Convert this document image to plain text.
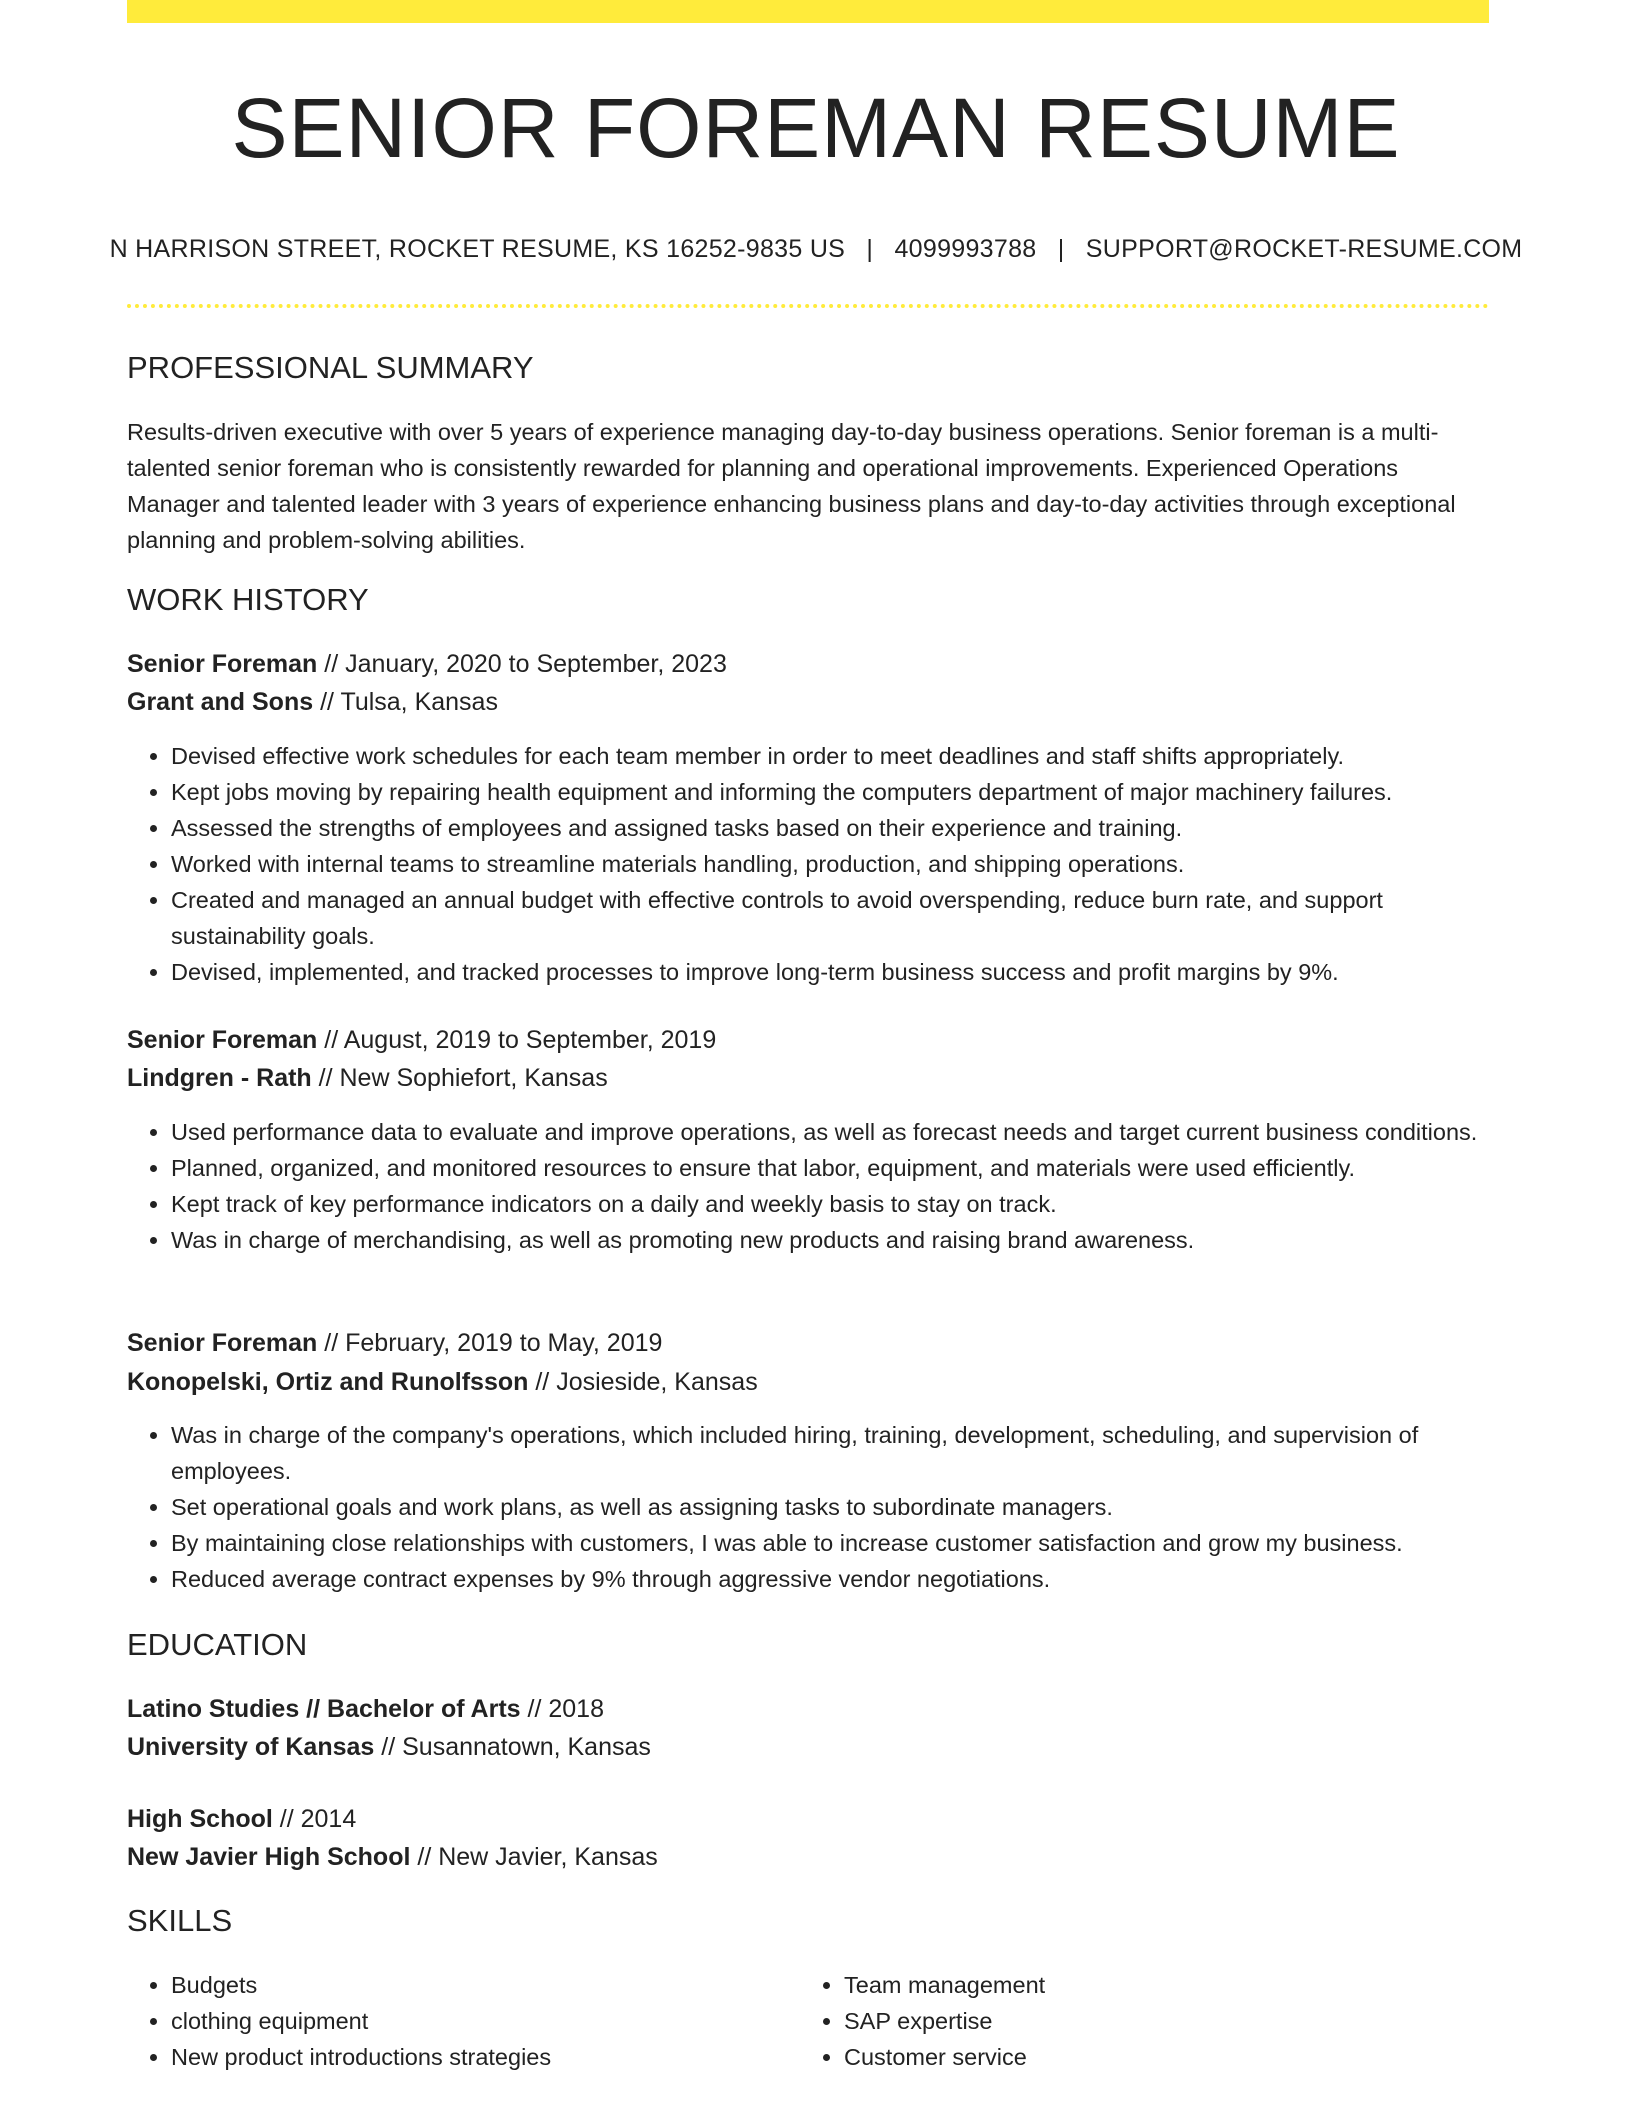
SENIOR FOREMAN RESUME
N HARRISON STREET, ROCKET RESUME, KS 16252-9835 US | 4099993788 | SUPPORT@ROCKET-RESUME.COM
PROFESSIONAL SUMMARY

Results-driven executive with over 5 years of experience managing day-to-day business operations. Senior foreman is a multi-talented senior foreman who is consistently rewarded for planning and operational improvements. Experienced Operations Manager and talented leader with 3 years of experience enhancing business plans and day-to-day activities through exceptional planning and problem-solving abilities.

WORK HISTORY
Senior Foreman // January, 2020 to September, 2023
Grant and Sons // Tulsa, Kansas
• Devised effective work schedules for each team member in order to meet deadlines and staff shifts appropriately.
• Kept jobs moving by repairing health equipment and informing the computers department of major machinery failures.
• Assessed the strengths of employees and assigned tasks based on their experience and training.
• Worked with internal teams to streamline materials handling, production, and shipping operations.
• Created and managed an annual budget with effective controls to avoid overspending, reduce burn rate, and support sustainability goals.
• Devised, implemented, and tracked processes to improve long-term business success and profit margins by 9%.
Senior Foreman // August, 2019 to September, 2019
Lindgren - Rath // New Sophiefort, Kansas
• Used performance data to evaluate and improve operations, as well as forecast needs and target current business conditions.
• Planned, organized, and monitored resources to ensure that labor, equipment, and materials were used efficiently.
• Kept track of key performance indicators on a daily and weekly basis to stay on track.
• Was in charge of merchandising, as well as promoting new products and raising brand awareness.
Senior Foreman // February, 2019 to May, 2019
Konopelski, Ortiz and Runolfsson // Josieside, Kansas
• Was in charge of the company's operations, which included hiring, training, development, scheduling, and supervision of employees.
• Set operational goals and work plans, as well as assigning tasks to subordinate managers.
• By maintaining close relationships with customers, I was able to increase customer satisfaction and grow my business.
• Reduced average contract expenses by 9% through aggressive vendor negotiations.
EDUCATION
Latino Studies // Bachelor of Arts // 2018
University of Kansas // Susannatown, Kansas
High School // 2014
New Javier High School // New Javier, Kansas
SKILLS
• Budgets
• clothing equipment
• New product introductions strategies
• Team management
• SAP expertise
• Customer service
